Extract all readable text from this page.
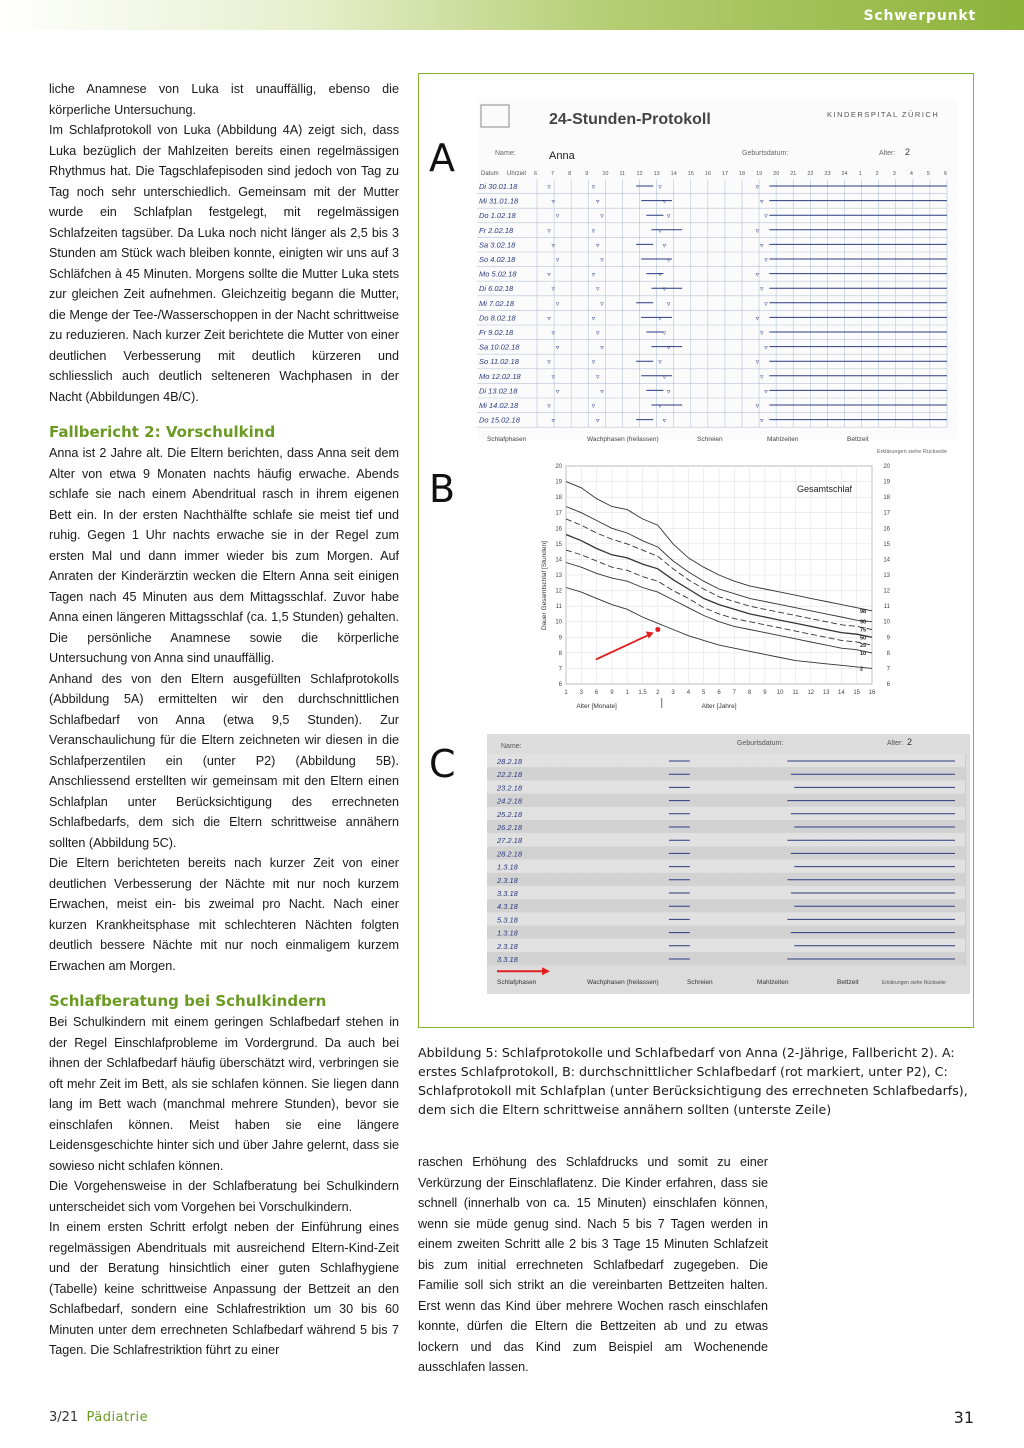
Schwerpunkt

liche Anamnese von Luka ist unauffällig, ebenso die körperliche Untersuchung.

Im Schlafprotokoll von Luka (Abbildung 4A) zeigt sich, dass Luka bezüglich der Mahlzeiten bereits einen regelmässigen Rhythmus hat. Die Tagschlafepisoden sind jedoch von Tag zu Tag noch sehr unterschiedlich. Gemeinsam mit der Mutter wurde ein Schlafplan festgelegt, mit regelmässigen Schlafzeiten tagsüber. Da Luka noch nicht länger als 2,5 bis 3 Stunden am Stück wach bleiben konnte, einigten wir uns auf 3 Schläfchen à 45 Minuten. Morgens sollte die Mutter Luka stets zur gleichen Zeit aufnehmen. Gleichzeitig begann die Mutter, die Menge der Tee-/Wasserschoppen in der Nacht schrittweise zu reduzieren. Nach kurzer Zeit berichtete die Mutter von einer deutlichen Verbesserung mit deutlich kürzeren und schliesslich auch deutlich selteneren Wachphasen in der Nacht (Abbildungen 4B/C).

Fallbericht 2: Vorschulkind

Anna ist 2 Jahre alt. Die Eltern berichten, dass Anna seit dem Alter von etwa 9 Monaten nachts häufig erwache. Abends schlafe sie nach einem Abendritual rasch in ihrem eigenen Bett ein. In der ersten Nachthälfte schlafe sie meist tief und ruhig. Gegen 1 Uhr nachts erwache sie in der Regel zum ersten Mal und dann immer wieder bis zum Morgen. Auf Anraten der Kinderärztin wecken die Eltern Anna seit einigen Tagen nach 45 Minuten aus dem Mittagsschlaf. Zuvor habe Anna einen längeren Mittagsschlaf (ca. 1,5 Stunden) gehalten. Die persönliche Anamnese sowie die körperliche Untersuchung von Anna sind unauffällig.

Anhand des von den Eltern ausgefüllten Schlafprotokolls (Abbildung 5A) ermittelten wir den durchschnittlichen Schlafbedarf von Anna (etwa 9,5 Stunden). Zur Veranschaulichung für die Eltern zeichneten wir diesen in die Schlafperzentilen ein (unter P2) (Abbildung 5B). Anschliessend erstellten wir gemeinsam mit den Eltern einen Schlafplan unter Berücksichtigung des errechneten Schlafbedarfs, dem sich die Eltern schrittweise annähern sollten (Abbildung 5C).

Die Eltern berichteten bereits nach kurzer Zeit von einer deutlichen Verbesserung der Nächte mit nur noch kurzem Erwachen, meist ein- bis zweimal pro Nacht. Nach einer kurzen Krankheitsphase mit schlechteren Nächten folgten deutlich bessere Nächte mit nur noch einmaligem kurzem Erwachen am Morgen.

Schlafberatung bei Schulkindern

Bei Schulkindern mit einem geringen Schlafbedarf stehen in der Regel Einschlafprobleme im Vordergrund. Da auch bei ihnen der Schlafbedarf häufig überschätzt wird, verbringen sie oft mehr Zeit im Bett, als sie schlafen können. Sie liegen dann lang im Bett wach (manchmal mehrere Stunden), bevor sie einschlafen können. Meist haben sie eine längere Leidensgeschichte hinter sich und über Jahre gelernt, dass sie sowieso nicht schlafen können.

Die Vorgehensweise in der Schlafberatung bei Schulkindern unterscheidet sich vom Vorgehen bei Vorschulkindern.

In einem ersten Schritt erfolgt neben der Einführung eines regelmässigen Abendrituals mit ausreichend Eltern-Kind-Zeit und der Beratung hinsichtlich einer guten Schlafhygiene (Tabelle) keine schrittweise Anpassung der Bettzeit an den Schlafbedarf, sondern eine Schlafrestriktion um 30 bis 60 Minuten unter dem errechneten Schlafbedarf während 5 bis 7 Tagen. Die Schlafrestriktion führt zu einer

A
24-Stunden-Protokoll	KINDERSPITAL ZÜRICH
Name:	Anna	Geburtsdatum:	Alter: 2
Datum Uhrzeit 6	7	8	9	10 11 12 13 14 15 16 17 18 19 20 21 22 23 24 1	2	3	4	5	6
Di 30.01.18	▿	▿	▿	▿
Mi 31.01.18	▿	▿	▿	▿
Do 1.02.18	▿	▿	▿	▿
Fr 2.02.18	▿	▿	▿	▿
Sa 3.02.18	▿	▿	▿	▿
So 4.02.18	▿	▿	▿	▿
Mo 5.02.18	▿	▿	▿	▿
Di 6.02.18	▿	▿	▿	▿
Mi 7.02.18	▿	▿	▿	▿
Do 8.02.18	▿	▿	▿	▿
Fr 9.02.18	▿	▿	▿	▿
Sa 10.02.18	▿	▿	▿	▿
So 11.02.18	▿	▿	▿	▿
Mo 12.02.18	▿	▿	▿	▿
Di 13.02.18	▿	▿	▿	▿
Mi 14.02.18	▿	▿	▿	▿
Do 15.02.18	▿	▿	▿	▿
Schlafphasen	Wachphasen (freilassen)	Schreien	Mahlzeiten	Bettzeit
Erklärungen siehe Rückseite
B
6	6
7	7
8	8
9	9
10	10
11	11
12	12
13	13
14	14
15	15
16	16
17	17
18	18
19	19
20	20
1 3 6 9 1 1.5 2 3 4 5 6 7 8 9 10 11 12 13 14 15 16
Alter [Monate]	Alter [Jahre]
Dauer Gesamtschlaf [Stunden]
Gesamtschlaf
98
90
75
50
25
10
2
C	Name:	Geburtsdatum:	Alter: 2
28.2.18
22.2.18
23.2.18
24.2.18
25.2.18
26.2.18
27.2.18
28.2.18
1.3.18
2.3.18
3.3.18
4.3.18
5.3.18
1.3.18
2.3.18
3.3.18
Schlafphasen	Wachphasen (freilassen)	Schreien	Mahlzeiten	Bettzeit	Erklärungen siehe Rückseite
Abbildung 5: Schlafprotokolle und Schlafbedarf von Anna (2-Jährige, Fallbericht 2). A: erstes Schlafprotokoll, B: durchschnittlicher Schlafbedarf (rot markiert, unter P2), C: Schlafprotokoll mit Schlafplan (unter Berücksichtigung des errechneten Schlafbedarfs), dem sich die Eltern schrittweise annähern sollten (unterste Zeile)

raschen Erhöhung des Schlafdrucks und somit zu einer Verkürzung der Einschlaflatenz. Die Kinder erfahren, dass sie schnell (innerhalb von ca. 15 Minuten) einschlafen können, wenn sie müde genug sind. Nach 5 bis 7 Tagen werden in einem zweiten Schritt alle 2 bis 3 Tage 15 Minuten Schlafzeit bis zum initial errechneten Schlafbedarf zugegeben. Die Familie soll sich strikt an die vereinbarten Bettzeiten halten. Erst wenn das Kind über mehrere Wochen rasch einschlafen konnte, dürfen die Eltern die Bettzeiten ab und zu etwas lockern und das Kind zum Beispiel am Wochenende ausschlafen lassen.

3/21 Pädiatrie	31
